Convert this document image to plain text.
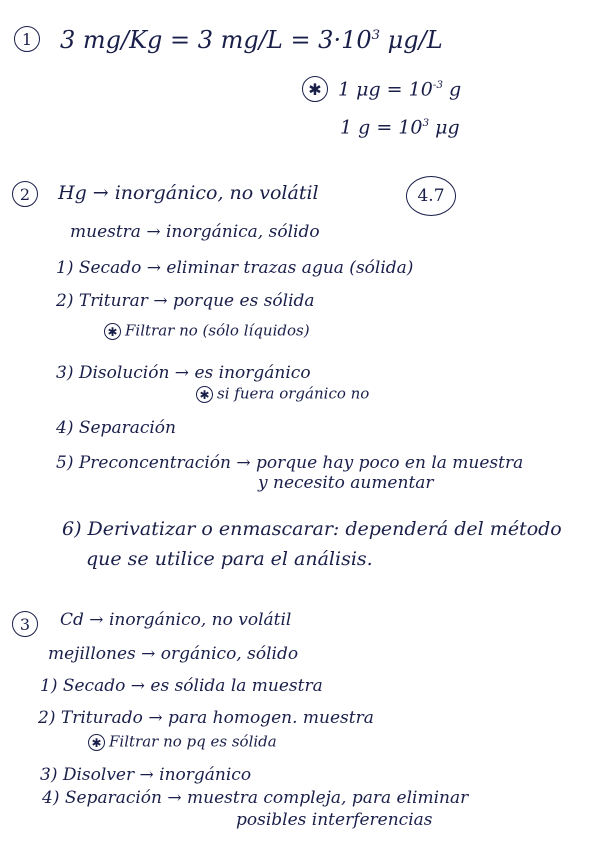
1	3 mg/Kg = 3 $mg/L = 3\cdot 10^3$ μg/L
✱ 1 $\mu g = 10^{-3}$ g
1 $g = 10^3$ μg
2	Hg → inorgánico, no volátil	4.7
muestra → inorgánica, sólido
1) Secado → eliminar trazas agua (sólida)
2) Triturar → porque es sólida
✱ Filtrar no (sólo líquidos)
3) Disolución → es inorgánico
✱ si fuera orgánico no
4) Separación
5) Preconcentración → porque hay poco en la muestra
y necesito aumentar
6) Derivatizar o enmascarar: dependerá del método
que se utilice para el análisis.
3	Cd → inorgánico, no volátil
mejillones → orgánico, sólido
1) Secado → es sólida la muestra
2) Triturado → para homogen. muestra
✱ Filtrar no pq es sólida
3) Disolver → inorgánico
4) Separación → muestra compleja, para eliminar
posibles interferencias
